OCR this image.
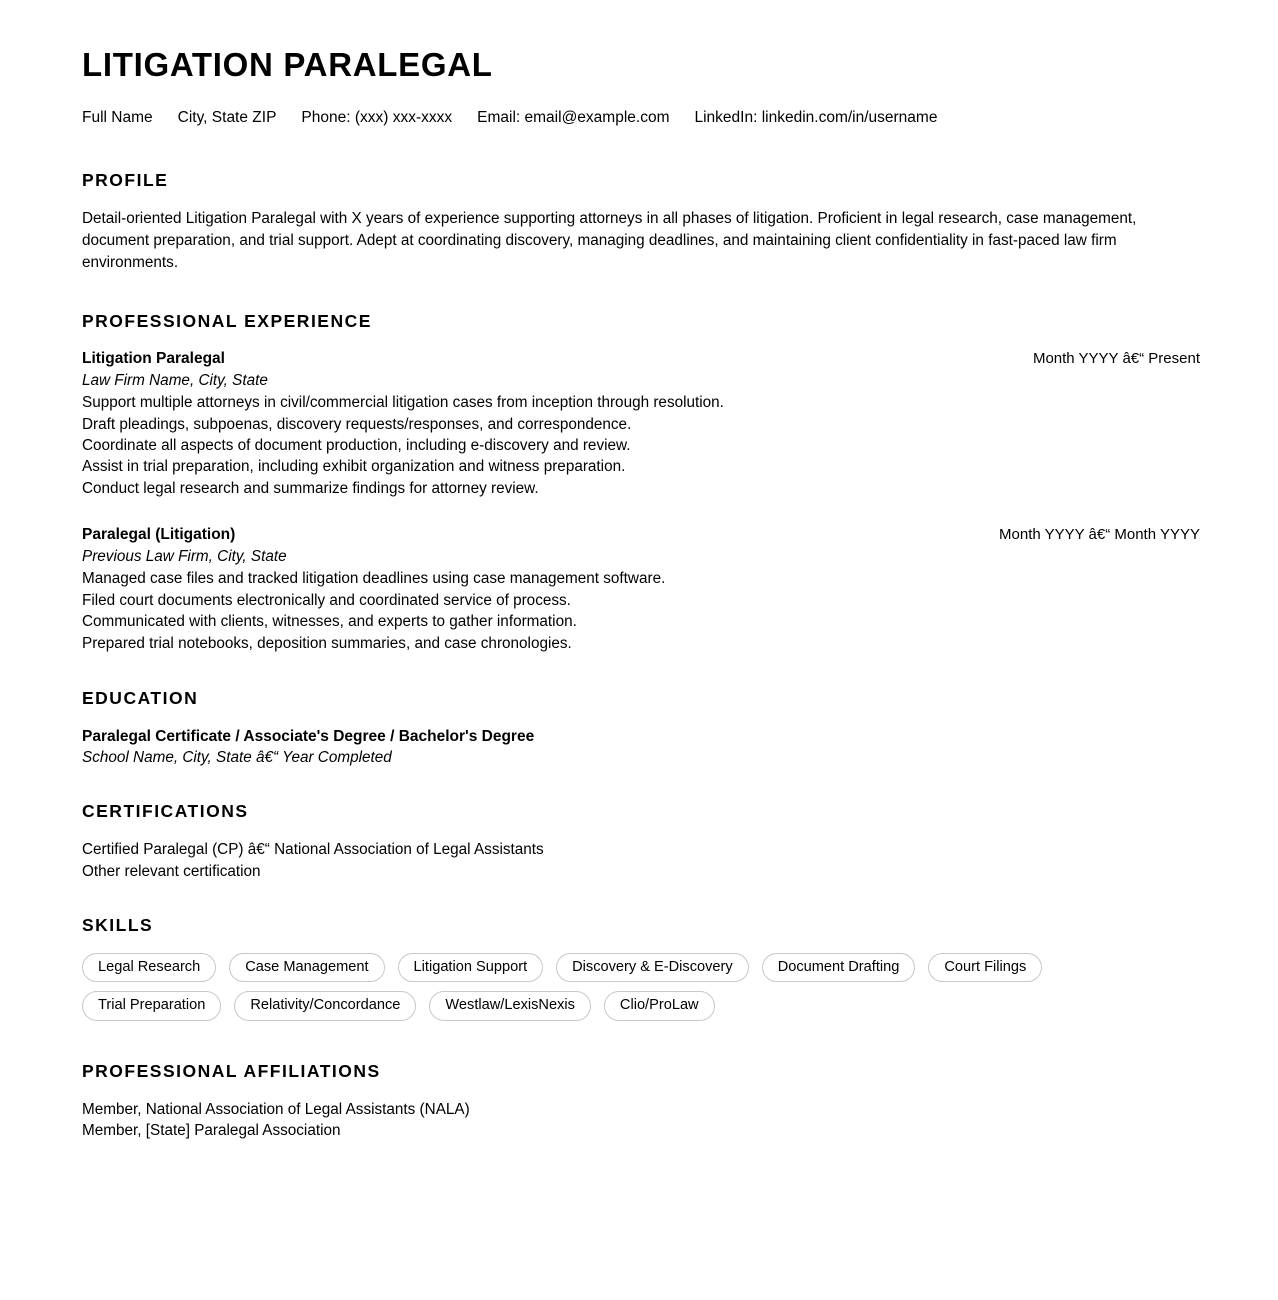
LITIGATION PARALEGAL
Full Name City, State ZIP Phone: (xxx) xxx-xxxx Email: email@example.com LinkedIn: linkedin.com/in/username
PROFILE

Detail-oriented Litigation Paralegal with X years of experience supporting attorneys in all phases of litigation. Proficient in legal research, case management, document preparation, and trial support. Adept at coordinating discovery, managing deadlines, and maintaining client confidentiality in fast-paced law firm environments.

PROFESSIONAL EXPERIENCE
Litigation Paralegal	Month YYYY â€“ Present
Law Firm Name, City, State
Support multiple attorneys in civil/commercial litigation cases from inception through resolution.
Draft pleadings, subpoenas, discovery requests/responses, and correspondence.
Coordinate all aspects of document production, including e-discovery and review.
Assist in trial preparation, including exhibit organization and witness preparation.
Conduct legal research and summarize findings for attorney review.
Paralegal (Litigation)	Month YYYY â€“ Month YYYY
Previous Law Firm, City, State
Managed case files and tracked litigation deadlines using case management software.
Filed court documents electronically and coordinated service of process.
Communicated with clients, witnesses, and experts to gather information.
Prepared trial notebooks, deposition summaries, and case chronologies.
EDUCATION
Paralegal Certificate / Associate's Degree / Bachelor's Degree
School Name, City, State â€“ Year Completed
CERTIFICATIONS
Certified Paralegal (CP) â€“ National Association of Legal Assistants
Other relevant certification
SKILLS
Legal Research	Case Management	Litigation Support	Discovery & E-Discovery	Document Drafting	Court Filings
Trial Preparation	Relativity/Concordance	Westlaw/LexisNexis	Clio/ProLaw
PROFESSIONAL AFFILIATIONS
Member, National Association of Legal Assistants (NALA)
Member, [State] Paralegal Association
